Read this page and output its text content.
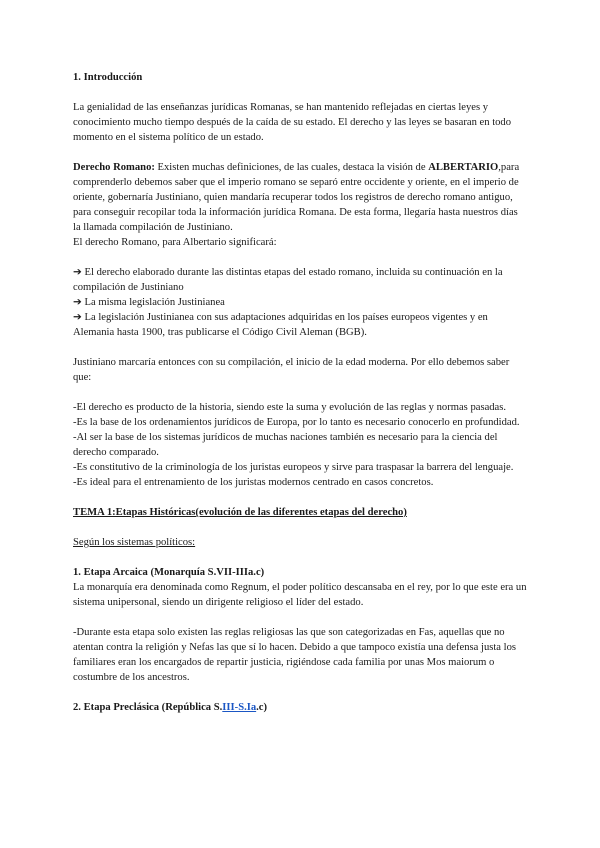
1. Introducción

La genialidad de las enseñanzas jurídicas Romanas, se han mantenido reflejadas en ciertas leyes y conocimiento mucho tiempo después de la caída de su estado. El derecho y las leyes se basaran en todo momento en el sistema político de un estado.

Derecho Romano: Existen muchas definiciones, de las cuales, destaca la visión de ALBERTARIO,para comprenderlo debemos saber que el imperio romano se separó entre occidente y oriente, en el imperio de oriente, gobernaría Justiniano, quien mandaría recuperar todos los registros de derecho romano antiguo, para conseguir recopilar toda la información jurídica Romana. De esta forma, llegaría hasta nuestros días la llamada compilación de Justiniano.

El derecho Romano, para Albertario significará:

➔ El derecho elaborado durante las distintas etapas del estado romano, incluida su continuación en la compilación de Justiniano

➔ La misma legislación Justinianea

➔ La legislación Justinianea con sus adaptaciones adquiridas en los países europeos vigentes y en Alemania hasta 1900, tras publicarse el Código Civil Aleman (BGB).

Justiniano marcaría entonces con su compilación, el inicio de la edad moderna. Por ello debemos saber que:

-El derecho es producto de la historia, siendo este la suma y evolución de las reglas y normas pasadas.

-Es la base de los ordenamientos jurídicos de Europa, por lo tanto es necesario conocerlo en profundidad.

-Al ser la base de los sistemas jurídicos de muchas naciones también es necesario para la ciencia del derecho comparado.

-Es constitutivo de la criminología de los juristas europeos y sirve para traspasar la barrera del lenguaje.

-Es ideal para el entrenamiento de los juristas modernos centrado en casos concretos.

TEMA 1:Etapas Históricas(evolución de las diferentes etapas del derecho)

Según los sistemas políticos:

1. Etapa Arcaica (Monarquía S.VII-IIIa.c)

La monarquía era denominada como Regnum, el poder político descansaba en el rey, por lo que este era un sistema unipersonal, siendo un dirigente religioso el líder del estado.

-Durante esta etapa solo existen las reglas religiosas las que son categorizadas en Fas, aquellas que no atentan contra la religión y Nefas las que sí lo hacen. Debido a que tampoco existía una defensa justa los familiares eran los encargados de repartir justicia, rigiéndose cada familia por unas Mos maiorum o costumbre de los ancestros.

2. Etapa Preclásica (República S.III-S.Ia.c)
